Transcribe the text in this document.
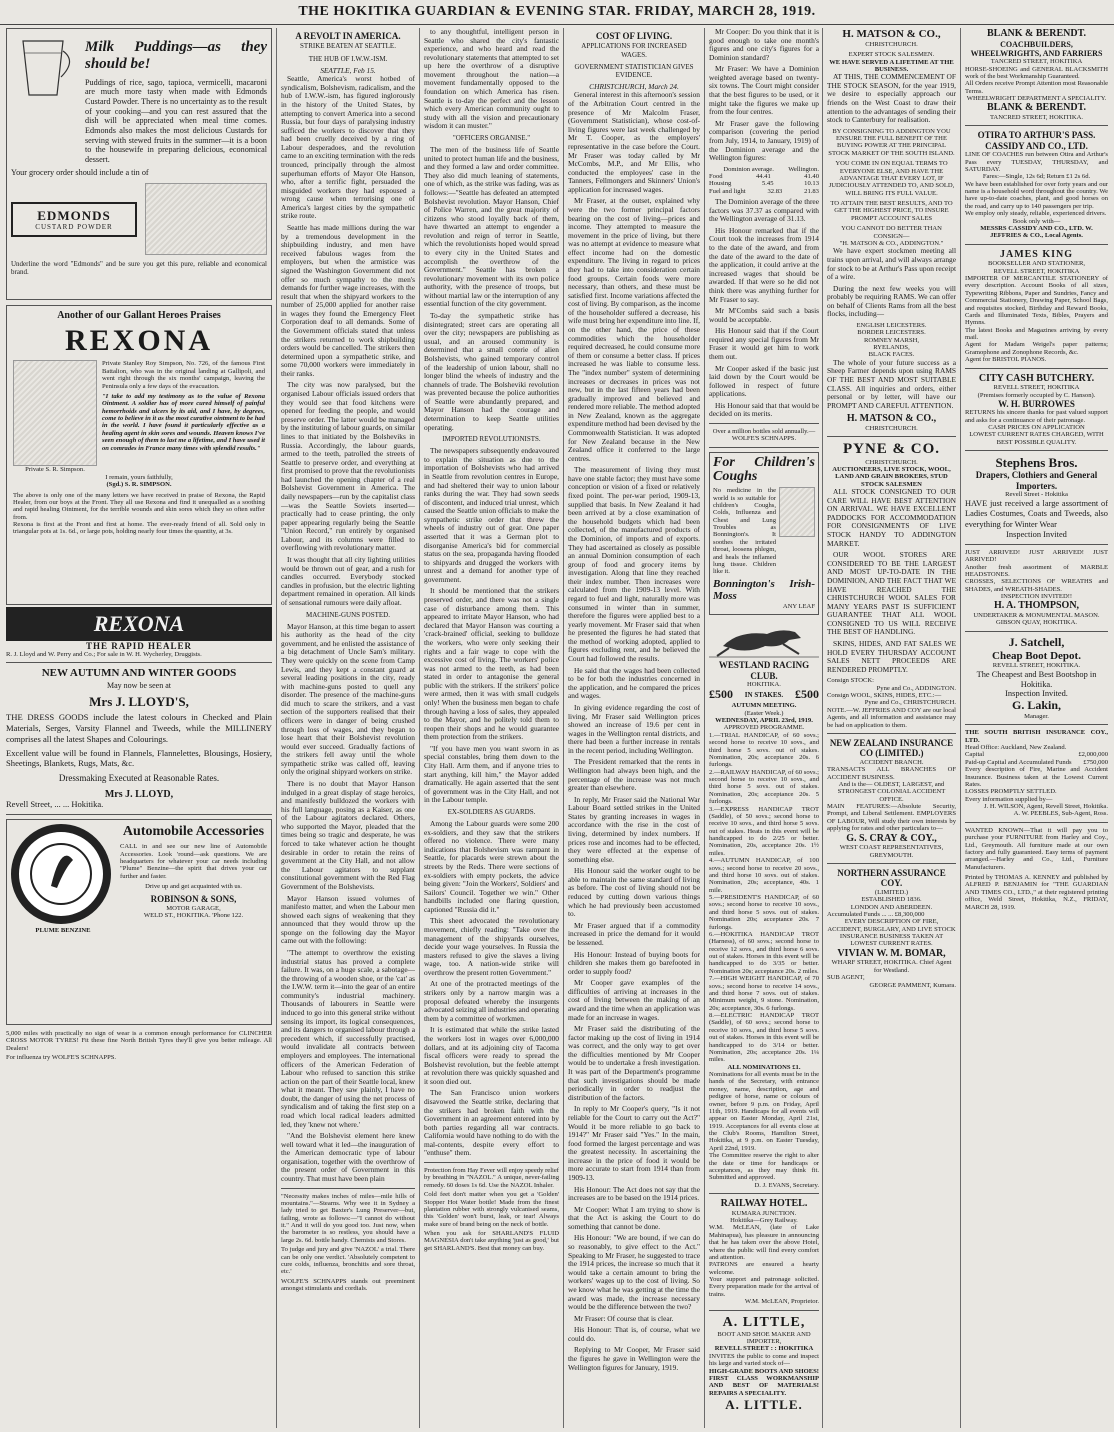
THE HOKITIKA GUARDIAN & EVENING STAR. FRIDAY, MARCH 28, 1919.
Milk Puddings—as they should be!
Puddings of rice, sago, tapioca, vermicelli, macaroni are much more tasty when made with Edmonds Custard Powder. There is no uncertainty as to the result of your cooking—and you can rest assured that the dish will be appreciated when meal time comes. Edmonds also makes the most delicious Custards for serving with stewed fruits in the summer—it is a boon to the housewife in preparing delicious, economical dessert.
Your grocery order should include a tin of
EDMONDS
CUSTARD POWDER
Underline the word "Edmonds" and be sure you get this pure, reliable and economical brand.
Another of our Gallant Heroes Praises
REXONA
Private S. R. Simpson.
Private Stanley Roy Simpson, No. 726, of the famous First Battalion, who was in the original landing at Gallipoli, and went right through the six months' campaign, leaving the Peninsula only a few days of the evacuation.
"I take to add my testimony as to the value of Rexona Ointment. A soldier has of more cured himself of painful hemorrhoids and ulcers by its aid, and I have, by degrees, come to believe in it as the most curative ointment to be had in the world. I have found it particularly effective as a healing agent in skin sores and wounds. Heaven knows I've seen enough of them to last me a lifetime, and I have used it on comrades in France many times with splendid results."
I remain, yours faithfully,
(Sgd.) S. R. SIMPSON.
The above is only one of the many letters we have received in praise of Rexona, the Rapid Healer, from our boys at the Front. They all use Rexona and find it unequalled as a soothing and rapid healing Ointment, for the terrible wounds and skin sores which they so often suffer from.
Rexona is first at the Front and first at home. The ever-ready friend of all. Sold only in triangular pots at 1s. 6d., or large pots, holding nearly four times the quantity, at 3s.
REXONA
THE RAPID HEALER
R. J. Lloyd and W. Perry and Co.; For sale in W. H. Wycherley, Druggists.
NEW AUTUMN AND WINTER GOODS
May now be seen at
Mrs J. LLOYD'S,
THE DRESS GOODS include the latest colours in Checked and Plain Materials, Serges, Varsity Flannel and Tweeds, while the MILLINERY comprises all the latest Shapes and Colourings.
Excellent value will be found in Flannels, Flannelettes, Blousings, Hosiery, Sheetings, Blankets, Rugs, Mats, &c.
Dressmaking Executed at Reasonable Rates.
Mrs J. LLOYD,
Revell Street, ... ... Hokitika.
PLUME BENZINE
Automobile Accessories
CALL in and see our new line of Automobile Accessories. Look 'round—ask questions. We are headquarters for whatever your car needs including "Plume" Benzine—the spirit that drives your car further and faster.
Drive up and get acquainted with us.
ROBINSON & SONS,
MOTOR GARAGE,
WELD ST., HOKITIKA. 'Phone 122.
5,000 miles with practically no sign of wear is a common enough performance for CLINCHER CROSS MOTOR TYRES! Fit these fine North British Tyres they'll give you better mileage. All Dealers!
For influenza try WOLFE'S SCHNAPPS.
A REVOLT IN AMERICA.
STRIKE BEATEN AT SEATTLE.
THE HUB OF I.W.W.-ISM.
SEATTLE, Feb 15.

Seattle, America's worst hotbed of syndicalism, Bolshevism, radicalism, and the hub of I.W.W.-ism, has figured inglorously in the history of the United States, by attempting to convert America into a second Russia, but four days of paralysing industry sufficed the workers to discover that they had been cruelly deceived by a ring of Labour desperadoes, and the revolution came to an exciting termination with the reds trounced, principally through the almost superhuman efforts of Mayor Ole Hanson, who, after a terrific fight, persuaded the misguided workers they had espoused a wrong cause when terrorising one of America's largest cities by the sympathetic strike route.

Seattle has made millions during the war by a tremendous development in the shipbuilding industry, and men have received fabulous wages from the employers, but when the armistice was signed the Washington Government did not offer so much sympathy to the men's demands for further wage increases, with the result that when the shipyard workers to the number of 25,000 applied for another raise in wages they found the Emergency Fleet Corporation deaf to all demands. Some of the Government officials stated that unless the strikers returned to work shipbuilding orders would be cancelled. The strikers then determined upon a sympathetic strike, and some 70,000 workers were immediately in their ranks.

The city was now paralysed, but the organised Labour officials issued orders that they would see that food kitchens were opened for feeding the people, and would preserve order. The latter would be managed by the instituting of labour guards, on similar lines to that initiated by the Bolsheviks in Russia. Accordingly, the labour guards, armed to the teeth, patrolled the streets of Seattle to preserve order, and everything at first promised to prove that the revolutionists had launched the opening chapter of a real Bolshevist Government in America. The daily newspapers—run by the capitalist class—was the Seattle Soviets inserted—practically had to cease printing, the only paper appearing regularly being the Seattle "Union Record," run entirely by organised Labour, and its columns were filled to overflowing with revolutionary matter.

It was thought that all city lighting utilities would be thrown out of gear, and a rush for candles occurred. Everybody stocked candles in profusion, but the electric lighting department remained in operation. All kinds of sensational rumours were daily afloat.

MACHINE-GUNS POSTED.

Mayor Hanson, at this time began to assert his authority as the head of the city government, and he enlisted the assistance of a big detachment of Uncle Sam's military. They were quickly on the scene from Camp Lewis, and they kept a constant guard at several leading positions in the city, ready with machine-guns posted to quell any disorder. The presence of the machine-guns did much to scare the strikers, and a vast section of the supporters realised that their officers were in danger of being crushed through loss of wages, and they began to lose heart that their Bolshevist revolution would ever succeed. Gradually factions of the strikers fell away until the whole sympathetic strike was called off, leaving only the original shipyard workers on strike.

There is no doubt that Mayor Hanson indulged in a great display of stage heroics, and manifestly bulldozed the workers with his full language, posing as a Kaiser, as one of the Labour agitators declared. Others, who supported the Mayor, pleaded that the times being so tragic and desperate, he was forced to take whatever action he thought desirable in order to retain the reins of government at the City Hall, and not allow the Labour agitators to supplant constitutional government with the Red Flag Government of the Bolshevists.

Mayor Hanson issued volumes of manifesto matter, and when the Labour men showed each signs of weakening that they announced that they would throw up the sponge on the following day the Mayor came out with the following:

"The attempt to overthrow the existing industrial status has proved a complete failure. It was, on a huge scale, a sabotage—the throwing of a wooden shoe, or the 'cat' as the I.W.W. term it—into the gear of an entire community's industrial machinery. Thousands of labourers in Seattle were induced to go into this general strike without sensing its import, its logical consequences, and its dangers to organised labour through a precedent which, if successfully practised, would invalidate all contracts between employers and employees. The international officers of the American Federation of Labour who refused to sanction this strike action on the part of their Seattle local, knew what it meant. They saw plainly, I have no doubt, the danger of using the net process of syndicalism and of taking the first step on a road which local radical leaders admitted led, they 'knew not where.'

"And the Bolshevist element here knew well toward what it led—the inauguration of the American democratic type of labour organisation, together with the overthrow of the present order of Government in this country. That must have been plain

"Necessity makes inches of miles—mile hills of mountains."—Stearns. Why wee it in Sydney a lady tried to get Baxter's Lung Preserver—but, failing, wrote as follows:—"I cannot do without it." And it will do you good too. Just now, when the barometer is so restless, you should have a large 2s. 6d. bottle handy. Chemists and Stores.
To judge and jury and give 'NAZOL' a trial. There can be only one verdict. 'Absolutely competent to cure colds, influenza, bronchitis and sore throat, etc.'
WOLFE'S SCHNAPPS stands out preeminent amongst stimulants and cordials.

to any thoughtful, intelligent person in Seattle who shared the city's fantastic experience, and who heard and read the revolutionary statements that attempted to set up here the overthrow of a disruptive movement throughout the nation—a movement fundamentally opposed to the foundation on which America has risen. Seattle is to-day the perfect and the lesson which every American community ought to study with all the vision and precautionary wisdom it can muster."

"OFFICERS ORGANISE."

The men of the business life of Seattle united to protect human life and the business, and they formed a law and order committee. They also did much leaning of statements, one of which, as the strike was fading, was as follows:—"Seattle has defeated an attempted Bolshevist revolution. Mayor Hanson, Chief of Police Warren, and the great majority of citizens who stood loyally back of them, have thwarted an attempt to engender a revolution and reign of terror in Seattle, which the revolutionists hoped would spread to every city in the United States and accomplish the overthrow of the Government." Seattle has broken a revolutionary movement with its own police authority, with the presence of troops, but without martial law or the interruption of any essential function of the city government.

To-day the sympathetic strike has disintegrated; street cars are operating all over the city; newspapers are publishing as usual, and an aroused community is determined that a small coterie of alien Bolshevists, who gained temporary control of the leadership of union labour, shall no longer blind the wheels of industry and the channels of trade. The Bolsheviki revolution was prevented because the police authorities of Seattle were abundantly prepared, and Mayor Hanson had the courage and determination to keep Seattle utilities operating.

IMPORTED REVOLUTIONISTS.

The newspapers subsequently endeavoured to explain the situation as due to the importation of Bolshevists who had arrived in Seattle from revolution centres in Europe, and had sheltered their way to union labour ranks during the war. They had sown seeds of discontent, and induced trial unrest, which caused the Seattle union officials to make the sympathetic strike order that threw the wheels of industry out of gear. One paper asserted that it was a German plot to disorganise America's bid for commercial status on the sea, propaganda having flooded to shipyards and drugged the workers with unrest and a demand for another type of government.

It should be mentioned that the strikers preserved order, and there was not a single case of disturbance among them. This appeared to irritate Mayor Hanson, who had declared that Mayor Hanson was courting a 'crack-brained' official, seeking to bulldoze the workers, who were only seeking their rights and a fair wage to cope with the excessive cost of living. The workers' police was not armed to the teeth, as had been stated in order to antagonise the general public with the strikers. If the strikers' police were armed, then it was with small cudgels only! When the business men began to chafe through having a loss of sales, they appealed to the Mayor, and he politely told them to reopen their shops and he would guarantee them protection from the strikers.

"If you have men you want sworn in as special constables, bring them down to the City Hall. Arm them, and if anyone tries to start anything, kill him," the Mayor added dramatically. He again asserted that the sent of government was in the City Hall, and not in the Labour temple.

EX-SOLDIERS AS GUARDS.

Among the Labour guards were some 200 ex-soldiers, and they saw that the strikers offered no violence. There were many indications that Bolshevism was rampant in Seattle, for placards were strewn about the streets by the Reds. There were sections of ex-soldiers with empty pockets, the advice being given: "Join the Workers', Soldiers' and Sailors' Council. Together we win." Other handbills included one flaring question, captioned "Russia did it."

This sheet advocated the revolutionary movement, chiefly reading: "Take over the management of the shipyards ourselves, decide your wage yourselves. In Russia the masters refused to give the slaves a living wage, too. A nation-wide strike will overthrow the present rotten Government."

At one of the protracted meetings of the strikers only by a narrow margin was a proposal defeated whereby the insurgents advocated seizing all industries and operating them by a committee of workmen.

It is estimated that while the strike lasted the workers lost in wages over 6,000,000 dollars, and at its adjoining city of Tacoma fiscal officers were ready to spread the Bolshevist revolution, but the feeble attempt at revolution there was quickly squashed and it soon died out.

The San Francisco union workers disavowed the Seattle strike, declaring that the strikers had broken faith with the Government in an agreement entered into by both parties regarding all war contracts. California would have nothing to do with the mal-contents, despite every effort to "enthuse" them.

Protection from Hay Fever will enjoy speedy relief by breathing in "NAZOL." A unique, never-failing remedy. 60 doses 1s 6d. Use the NAZOL Inhaler.
Cold feet don't matter when you get a 'Golden' Stopper Hot Water bottle! Made from the finest plantation rubber with strongly vulcanised seams, this 'Golden' won't burst, leak, or tear! Always make sure of brand being on the neck of bottle.
When you ask for SHARLAND'S FLUID MAGNESIA don't take anything 'just as good,' but get SHARLAND'S. Best that money can buy.
COST OF LIVING.
APPLICATIONS FOR INCREASED WAGES.
GOVERNMENT STATISTICIAN GIVES EVIDENCE.
CHRISTCHURCH, March 24.

General interest in this afternoon's session of the Arbitration Court centred in the presence of Mr Malcolm Fraser, (Government Statistician), whose cost-of-living figures were last week challenged by Mr T. Cooper, as the employers' representative in the case before the Court. Mr Fraser was today called by Mr McCombs, M.P., and Mr Ellis, who conducted the employees' case in the Tanners, Fellmongers and Skinners' Union's application for increased wages.

Mr Fraser, at the outset, explained why were the two former principal factors bearing on the cost of living—prices and income. They attempted to measure the movement in the price of living, but there was no attempt at evidence to measure what effect income had on the domestic expenditure. The living in regard to prices they had to take into consideration certain food groups. Certain foods were more necessary, than others, and these must be satisfied first. Income variations affected the cost of living. By comparison, as the income of the householder suffered a decrease, his wife must bring her expenditure into line. If, on the other hand, the price of these commodities which the householder required decreased, he could consume more of them or consume a better class. If prices increased he was liable to consume less. The "index number" system of determining increases or decreases in prices was not new, but in the last fifteen years had been gradually improved and believed and rendered more reliable. The method adopted in New Zealand, known as the aggregate expenditure method had been devised by the Commonwealth Statistician. It was adopted for New Zealand because in the New Zealand office it conferred to the large centres.

The measurement of living they must have one stable factor; they must have some conception or vision of a fixed or relatively fixed point. The per-war period, 1909-13, supplied that basis. In New Zealand it had been arrived at by a close examination of the household budgets which had been collected, of the manufactured products of the Dominion, of imports and of exports. They had ascertained as closely as possible an annual Dominion consumption of each group of food and grocery items by investigation. Along that line they reached their index number. Then increases were calculated from the 1909-13 level. With regard to fuel and light, naturally more was consumed in winter than in summer, therefore the figures were applied best to a yearly movement. Mr Fraser said that when he presented the figures he had stated that the method of working adopted, applied to figures excluding rent, and he believed the Court had followed the results.

He said that the wages had been collected to be for both the industries concerned in the application, and he compared the prices and wages.

In giving evidence regarding the cost of living, Mr Fraser said Wellington prices showed an increase of 19.6 per cent in wages in the Wellington rental districts, and there had been a further increase in rentals in the recent period, including Wellington.

The President remarked that the rents in Wellington had always been high, and the percentage of the increase was not much greater than elsewhere.

In reply, Mr Fraser said the National War Labour Board settled strikes in the United States by granting increases in wages in accordance with the rise in the cost of living, determined by index numbers. If prices rose and incomes had to be effected, they were effected at the expense of something else.

His Honour said the worker ought to be able to maintain the same standard of living as before. The cost of living should not be reduced by cutting down various things which he had previously been accustomed to.

Mr Fraser argued that if a commodity increased in price the demand for it would be lessened.

His Honour: Instead of buying boots for children she makes them go barefooted in order to supply food?

Mr Cooper gave examples of the difficulties of arriving at increases in the cost of living between the making of an award and the time when an application was made for an increase in wages.

Mr Fraser said the distributing of the factor making up the cost of living in 1914 was correct, and the only way to get over the difficulties mentioned by Mr Cooper would be to undertake a fresh investigation. It was part of the Department's programme that such investigations should be made periodically in order to readjust the distribution of the factors.

In reply to Mr Cooper's query, "Is it not reliable for the Court to carry out the Act?" Would it be more reliable to go back to 1914?" Mr Fraser said "Yes." In the main, food formed the largest percentage and was the greatest necessity. In ascertaining the increase in the price of food it would be more accurate to start from 1914 than from 1909-13.

His Honour: The Act does not say that the increases are to be based on the 1914 prices.

Mr Cooper: What I am trying to show is that the Act is asking the Court to do something that cannot be done.

His Honour: "We are bound, if we can do so reasonably, to give effect to the Act." Speaking to Mr Fraser, he suggested to trace the 1914 prices, the increase so much that it would take a certain amount to bring the workers' wages up to the cost of living. So we know what he was getting at the time the award was made, the increase necessary would be the difference between the two?

Mr Fraser: Of course that is clear.

His Honour: That is, of course, what we could do.

Replying to Mr Cooper, Mr Fraser said the figures he gave in Wellington were the Wellington figures for January, 1919.

Mr Cooper: Do you think that it is good enough to take one month's figures and one city's figures for a Dominion standard?

Mr Fraser: We have a Dominion weighted average based on twenty-six towns. The Court might consider that the best figures to be used, or it might take the figures we make up from the four centres.

Mr Fraser gave the following comparison (covering the period from July, 1914, to January, 1919) of the Dominion average and the Wellington figures:

Dominion average. Wellington.
Food	44.41	41.40
Housing	5.45	10.13
Fuel and light	32.83	21.83

The Dominion average of the three factors was 37.37 as compared with the Wellington average of 31.13.

His Honour remarked that if the Court took the increases from 1914 to the date of the award, and from the date of the award to the date of the application, it could arrive at the increased wages that should be awarded. If that were so he did not think there was anything further for Mr Fraser to say.

Mr M'Combs said such a basis would be acceptable.

His Honour said that if the Court required any special figures from Mr Fraser it would get him to work them out.

Mr Cooper asked if the basic just laid down by the Court would be followed in respect of future applications.

His Honour said that that would be decided on its merits.

Over a million bottles sold annually.—WOLFE'S SCHNAPPS.
For Children's Coughs
No medicine in the world is so suitable for children's Coughs, Colds, Influenza and Chest and Lung Troubles as Bonnington's. It soothes the irritated throat, loosens phlegm, and heals the inflamed lung tissue. Children like it.
Bonnington's Irish-Moss
ANY LEAF
WESTLAND RACING CLUB.
HOKITIKA.
£500 IN STAKES. £500
AUTUMN MEETING.
(Easter Week.)
WEDNESDAY, APRIL 23rd, 1919.
APPROVED PROGRAMME.
1.—TRIAL HANDICAP, of 60 sovs.; second horse to receive 10 sovs., and third horse 5 sovs. out of stakes. Nomination, 20s; acceptance 20s. 6 furlongs.
2.—RAILWAY HANDICAP, of 60 sovs.; second horse to receive 10 sovs., and third horse 5 sovs. out of stakes. Nomination, 20s; acceptance 20s. 5 furlongs.
3.—EXPRESS HANDICAP TROT (Saddle), of 50 sovs.; second horse to receive 10 sovs., and third horse 5 sovs. out of stakes. Heats in this event will be handicapped to do 2/25 or better. Nomination, 20s, acceptance 20s. 1½ miles.
4.—AUTUMN HANDICAP, of 100 sovs.; second horse to receive 20 sovs., and third horse 10 sovs. out of stakes. Nomination, 20s; acceptance, 40s. 1 mile.
5.—PRESIDENT'S HANDICAP, of 60 sovs.; second horse to receive 10 sovs., and third horse 5 sovs. out of stakes. Nomination 20s; acceptance 20s. 7 furlongs.
6.—HOKITIKA HANDICAP TROT (Harness), of 60 sovs.; second horse to receive 12 sovs., and third horse 6 sovs. out of stakes. Horses in this event will be handicapped to do 3/35 or better. Nomination 20s; acceptance 20s. 2 miles.
7.—HIGH WEIGHT HANDICAP, of 70 sovs.; second horse to receive 14 sovs., and third horse 7 sovs. out of stakes. Minimum weight, 9 stone. Nomination, 20s; acceptance, 30s. 6 furlongs.
8.—ELECTRIC HANDICAP TROT (Saddle), of 60 sovs.; second horse to receive 10 sovs., and third horse 5 sovs. out of stakes. Horses in this event will be handicapped to do 3/14 or better. Nomination, 20s; acceptance 20s. 1¼ miles.
ALL NOMINATIONS £1.
Nominations for all events must be in the hands of the Secretary, with entrance money, name, description, age and pedigree of horse, name or colours of owner, before 9 p.m. on Friday, April 11th, 1919. Handicaps for all events will appear on Easter Monday, April 21st, 1919. Acceptances for all events close at the Club's Rooms, Hamilton Street, Hokitika, at 9 p.m. on Easter Tuesday, April 22nd, 1919.
The Committee reserve the right to alter the date or time for handicaps or acceptances, as they may think fit. Submitted and approved.
D. J. EVANS, Secretary.
RAILWAY HOTEL.
KUMARA JUNCTION.
Hokitika—Grey Railway.
W.M. McLEAN, (late of Lake Mahinapua), has pleasure in announcing that he has taken over the above Hotel, where the public will find every comfort and attention.
PATRONS are ensured a hearty welcome.
Your support and patronage solicited. Every preparation made for the arrival of trains.
W.M. McLEAN, Proprietor.
A. LITTLE,
BOOT AND SHOE MAKER AND IMPORTER,
REVELL STREET : : HOKITIKA
INVITES the public to come and inspect his large and varied stock of—
HIGH-GRADE BOOTS AND SHOES! FIRST CLASS WORKMANSHIP AND BEST OF MATERIALS! REPAIRS A SPECIALITY.
A. LITTLE.
H. MATSON & CO.,
CHRISTCHURCH.
EXPERT STOCK SALESMEN.
WE HAVE SERVED A LIFETIME AT THE BUSINESS.

AT THIS, THE COMMENCEMENT OF THE STOCK SEASON, for the year 1919, we desire to especially approach our friends on the West Coast to draw their attention to the advantages of sending their stock to Canterbury for realisation.

BY CONSIGNING TO ADDINGTON YOU ENSURE THE FULL BENEFIT OF THE BUYING POWER AT THE PRINCIPAL STOCK MARKET OF THE SOUTH ISLAND.
YOU COME IN ON EQUAL TERMS TO EVERYONE ELSE, AND HAVE THE ADVANTAGE THAT EVERY LOT, IF JUDICIOUSLY ATTENDED TO, AND SOLD, WILL BRING ITS FULL VALUE.
TO ATTAIN THE BEST RESULTS, AND TO GET THE HIGHEST PRICE, TO INSURE PROMPT ACCOUNT SALES
YOU CANNOT DO BETTER THAN CONSIGN—
"H. MATSON & CO., ADDINGTON."

We have expert stockmen meeting all trains upon arrival, and will always arrange for stock to be at Arthur's Pass upon receipt of a wire.

During the next few weeks you will probably be requiring RAMS. We can offer on behalf of Clients Rams from all the best flocks, including—

ENGLISH LEICESTERS.
BORDER LEICESTERS.
ROMNEY MARSH,
RYELANDS,
BLACK FACES.

The whole of your future success as a Sheep Farmer depends upon using RAMS OF THE BEST AND MOST SUITABLE CLASS. All inquiries and orders, either personal or by letter, will have our PROMPT AND CAREFUL ATTENTION.

H. MATSON & CO.,
CHRISTCHURCH.
PYNE & CO.
CHRISTCHURCH.
AUCTIONEERS, LIVE STOCK, WOOL, LAND AND GRAIN BROKERS, STUD STOCK SALESMEN

ALL STOCK CONSIGNED TO OUR CARE WILL HAVE BEST ATTENTION ON ARRIVAL. WE HAVE EXCELLENT PADDOCKS FOR ACCOMMODATION FOR CONSIGNMENTS OF LIVE STOCK HANDY TO ADDINGTON MARKET.

OUR WOOL STORES ARE CONSIDERED TO BE THE LARGEST AND MOST UP-TO-DATE IN THE DOMINION, AND THE FACT THAT WE HAVE REACHED THE CHRISTCHURCH WOOL SALES FOR MANY YEARS PAST IS SUFFICIENT GUARANTEE THAT ALL WOOL CONSIGNED TO US WILL RECEIVE THE BEST OF HANDLING.

SKINS, HIDES, AND FAT SALES WE HOLD EVERY THURSDAY ACCOUNT SALES NETT PROCEEDS ARE RENDERED PROMPTLY.

Consign STOCK:
Pyne and Co., ADDINGTON.
Consign WOOL, SKINS, HIDES, ETC.:—
Pyne and Co., CHRISTCHURCH.
NOTE.—W. JEFFRIES AND COY are our local Agents, and all information and assistance may be had on application to them.
NEW ZEALAND INSURANCE CO (LIMITED.)
ACCIDENT BRANCH.
TRANSACTS ALL BRANCHES OF ACCIDENT BUSINESS.
And is the— OLDEST, LARGEST, and STRONGEST COLONIAL ACCIDENT OFFICE.
MAIN FEATURES:—Absolute Security, Prompt, and Liberal Settlement. EMPLOYERS OF LABOUR, Will study their own interests by applying for rates and other particulars to—
G. S. CRAY & COY.,
WEST COAST REPRESENTATIVES, GREYMOUTH.
NORTHERN ASSURANCE COY.
(LIMITED.)
ESTABLISHED 1836.
LONDON AND ABERDEEN.
Accumulated Funds ... ... £8,300,000
EVERY DESCRIPTION OF FIRE, ACCIDENT, BURGLARY, AND LIVE STOCK INSURANCE BUSINESS TAKEN AT LOWEST CURRENT RATES.
VIVIAN W. M. BOMAR,
WHARF STREET, HOKITIKA. Chief Agent for Westland.
SUB AGENT,
GEORGE PAMMENT, Kumara.
BLANK & BERENDT.
COACHBUILDERS, WHEELWRIGHTS, AND FARRIERS
TANCRED STREET, HOKITIKA
HORSE-SHOEING and GENERAL BLACKSMITH work of the best Workmanship Guaranteed.
All Orders receive Prompt Attention most Reasonable Terms.
WHEELWRIGHT DEPARTMENT A SPECIALITY.
BLANK & BERENDT.
TANCRED STREET, HOKITIKA.
OTIRA TO ARTHUR'S PASS. CASSIDY AND CO., LTD.
LINE OF COACHES run between Otira and Arthur's Pass every TUESDAY, THURSDAY, and SATURDAY.
Fares:—Single, 12s 6d; Return £1 2s 6d.
We have been established for over forty years and our name is a household word throughout the country. We have up-to-date coaches, plant, and good horses on the road, and carry up to 140 passengers per trip.
We employ only steady, reliable, experienced drivers.
Book only with—
MESSRS CASSIDY AND CO., LTD. W. JEFFRIES & CO., Local Agents.
JAMES KING
BOOKSELLER AND STATIONER,
REVELL STREET, HOKITIKA
IMPORTER OF MERCANTILE STATIONERY of every description. Account Books of all sizes, Typewriting Ribbons, Paper and Sundries, Fancy and Commercial Stationery, Drawing Paper, School Bags, and requisites stocked, Birthday and Reward Books, Cards and Illuminated Texts, Bibles, Prayers and Hymns.
The latest Books and Magazines arriving by every mail.
Agent for Madam Weigel's paper patterns; Gramophone and Zonophone Records, &c.
Agent for BRISTOL PIANOS.
CITY CASH BUTCHERY.
REVELL STREET, HOKITIKA
(Premises formerly occupied by C. Hanson).
W. H. BURROWES
RETURNS his sincere thanks for past valued support and asks for a continuance of their patronage.
CASH PRICES ON APPLICATION
LOWEST CURRENT RATES CHARGED, WITH BEST POSSIBLE QUALITY.
Stephens Bros.
Drapers, Clothiers and General Importers.
Revell Street - Hokitika
HAVE just received a large assortment of Ladies Costumes, Coats and Tweeds, also everything for Winter Wear
Inspection Invited
JUST ARRIVED! JUST ARRIVED! JUST ARRIVED!
Another fresh assortment of MARBLE HEADSTONES.
CROSSES, SELECTIONS OF WREATHS and SHADES, and WREATH-SHADES.
INSPECTION INVITED!!
H. A. THOMPSON,
UNDERTAKER & MONUMENTAL MASON.
GIBSON QUAY, HOKITIKA.
J. Satchell,
Cheap Boot Depot.
REVELL STREET, HOKITIKA.
The Cheapest and Best Bootshop in Hokitika.
Inspection Invited.
G. Lakin,
Manager.
THE SOUTH BRITISH INSURANCE COY., LTD.
Head Office: Auckland, New Zealand.
Capital	£2,000,000
Paid-up Capital and Accumulated Funds £750,000
Every description of Fire, Marine and Accident Insurance. Business taken at the Lowest Current Rates.
LOSSES PROMPTLY SETTLED.
Every information supplied by—
J. H. WILSON, Agent, Revell Street, Hokitika.
A. W. PEEBLES, Sub-Agent, Ross.
WANTED KNOWN—That it will pay you to purchase your FURNITURE from Harley and Coy., Ltd., Greymouth. All furniture made at our own factory and fully guaranteed. Easy terms of payment arranged.—Harley and Co., Ltd., Furniture Manufacturers.
Printed by THOMAS A. KENNEY and published by ALFRED P. BENJAMIN for "THE GUARDIAN AND TIMES CO., LTD.," at their registered printing office, Weld Street, Hokitika, N.Z., FRIDAY, MARCH 28, 1919.
